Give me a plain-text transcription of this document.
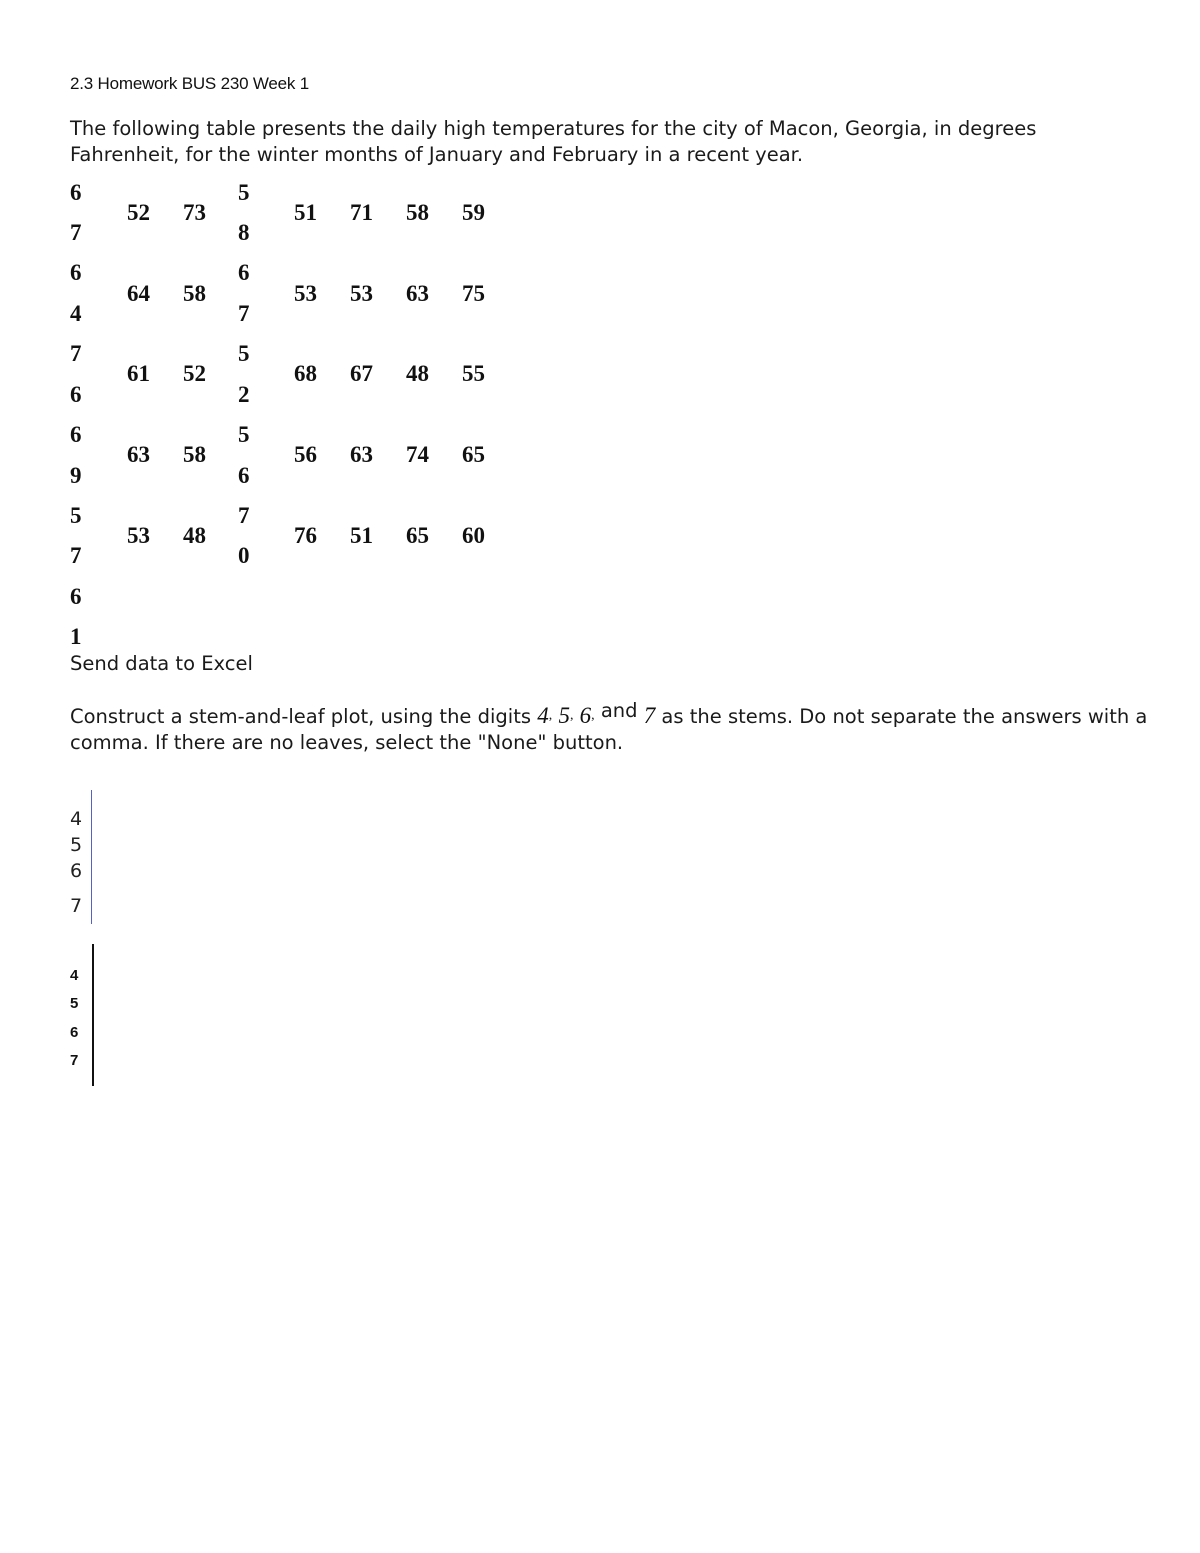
2.3 Homework BUS 230 Week 1
The following table presents the daily high temperatures for the city of Macon, Georgia, in degrees Fahrenheit, for the winter months of January and February in a recent year.
6
7
52 73
5
8
51 71 58 59
6
4
64 58
6
7
53 53 63 75
7
6
61 52
5
2
68 67 48 55
6
9
63 58
5
6
56 63 74 65
5
7
53 48
7
0
76 51 65 60
6
1
Send data to Excel
Construct a stem-and-leaf plot, using the digits 4, 5, 6, and 7 as the stems. Do not separate the answers with a comma. If there are no leaves, select the "None" button.
4
5
6
7
4
5
6
7
